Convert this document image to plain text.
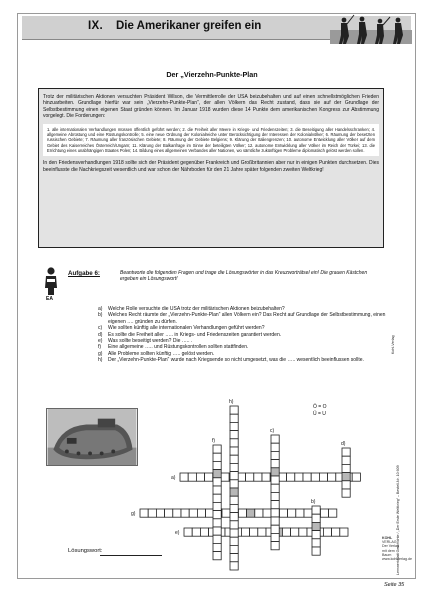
IX. Die Amerikaner greifen ein
Der „Vierzehn-Punkte-Plan

Trotz der militärischen Aktionen versuchten Präsident Wilson, die Vermittlerrolle der USA beizubehalten und auf einen schnellstmöglichen Frieden hinzuarbeiten. Grundlage hierfür war sein „Vierzehn-Punkte-Plan“, der allen Völkern das Recht zustand, dass sie auf der Grundlage der Selbstbestimmung einen eigenen Staat gründen können. Im Januar 1918 wurden diese 14 Punkte dem amerikanischen Kongress zur Abstimmung vorgelegt. Die Forderungen:

1. alle internationalen Verhandlungen müssen öffentlich geführt werden; 2. die Freiheit aller Meere in Kriegs- und Friedenszeiten; 3. die Beseitigung aller Handelsschranken; 4. allgemeine Abrüstung und eine Rüstungskontrolle; 5. eine neue Ordnung der Kolonialreiche unter Berücksichtigung der Interessen der Kolonialvölker; 6. Räumung der besetzten russischen Gebiete; 7. Räumung aller französischen Gebiete; 8. Räumung der Gebiete Belgiens; 9. Klärung der Italiengrenzen; 10. autonome Entwicklung aller Völker auf dem Gebiet des Kaiserreiches Österreich/Ungarn; 11. Klärung der Balkanfrage im Sinne der beteiligten Völker; 12. autonome Entwicklung aller Völker im Reich der Türkei; 13. die Errichtung eines unabhängigen Staates Polen; 14. Bildung eines allgemeinen Verbandes aller Nationen, wo sämtliche zukünftigen Probleme diplomatisch gelöst werden sollen.

In den Friedensverhandlungen 1918 sollte sich der Präsident gegenüber Frankreich und Großbritannien aber nur in einigen Punkten durchsetzen. Dies beeinflusste die Nachkriegszeit wesentlich und war schon der Nährboden für den 21 Jahre später folgenden zweiten Weltkrieg!

Kohl-Verlag
EA
Aufgabe 6:	Beantworte die folgenden Fragen und trage die Lösungswörter in das Kreuzworträtsel ein! Die grauen Kästchen ergeben ein Lösungswort!
a)	Welche Rolle versuchte die USA trotz der militärischen Aktionen beizubehalten?
b)	Welches Recht räumte der „Vierzehn-Punkte-Plan“ allen Völkern ein? Das Recht auf Grundlage der Selbstbestimmung, einen eigenen …. gründen zu dürfen.
c)	Wie sollten künftig alle internationalen Verhandlungen geführt werden?
d)	Es sollte die Freiheit aller ….. in Kriegs- und Friedenszeiten garantiert werden.
e)	Was sollte beseitigt werden? Die ….. .
f)	Eine allgemeine ….. und Rüstungskontrollen sollten stattfinden.
g)	Alle Probleme sollten künftig ….. gelöst werden.
h)	Der „Vierzehn-Punkte-Plan“ wurde nach Kriegsende so nicht umgesetzt, was die ….. wesentlich beeinflussen sollte.
Ö = O
Ü = U
a)
g)
e)
h)
f)
c)
d)
b)
Lösungswort:	Lernwerkstatt Geschichte / „Der Erste Weltkrieg“ – Bestell-Nr. 10 609
KOHL
VERLAG
Der Verlag
mit dem
Baum
www.kohlverlag.de
Seite 35
